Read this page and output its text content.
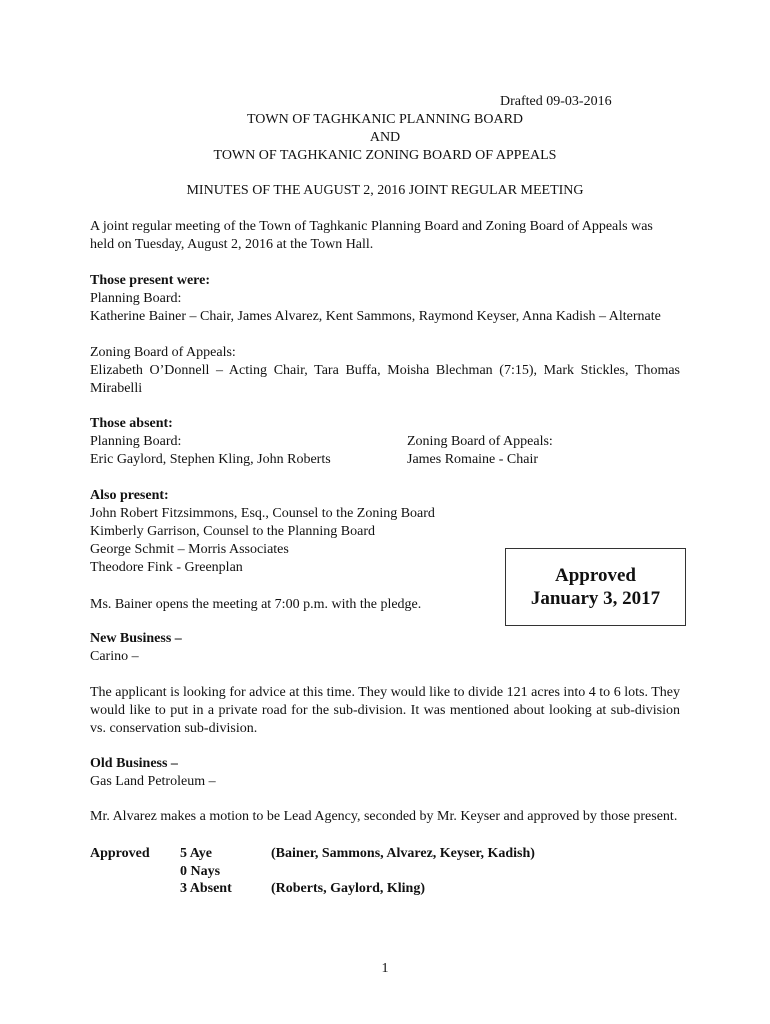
Drafted 09-03-2016
TOWN OF TAGHKANIC PLANNING BOARD
AND
TOWN OF TAGHKANIC ZONING BOARD OF APPEALS
MINUTES OF THE AUGUST 2, 2016 JOINT REGULAR MEETING
A joint regular meeting of the Town of Taghkanic Planning Board and Zoning Board of Appeals was held on Tuesday, August 2, 2016 at the Town Hall.
Those present were:
Planning Board:
Katherine Bainer – Chair, James Alvarez, Kent Sammons, Raymond Keyser, Anna Kadish – Alternate
Zoning Board of Appeals:
Elizabeth O’Donnell – Acting Chair, Tara Buffa, Moisha Blechman (7:15), Mark Stickles, Thomas Mirabelli
Those absent:
Planning Board:
Eric Gaylord, Stephen Kling, John Roberts
Zoning Board of Appeals:
James Romaine - Chair
Also present:
John Robert Fitzsimmons, Esq., Counsel to the Zoning Board
Kimberly Garrison, Counsel to the Planning Board
George Schmit – Morris Associates
Theodore Fink - Greenplan	Approved
January 3, 2017
Ms. Bainer opens the meeting at 7:00 p.m. with the pledge.
New Business –
Carino –
The applicant is looking for advice at this time. They would like to divide 121 acres into 4 to 6 lots. They would like to put in a private road for the sub-division. It was mentioned about looking at sub-division vs. conservation sub-division.
Old Business –
Gas Land Petroleum –
Mr. Alvarez makes a motion to be Lead Agency, seconded by Mr. Keyser and approved by those present.
Approved 5 Aye	(Bainer, Sammons, Alvarez, Keyser, Kadish)
0 Nays
3 Absent	(Roberts, Gaylord, Kling)
1
